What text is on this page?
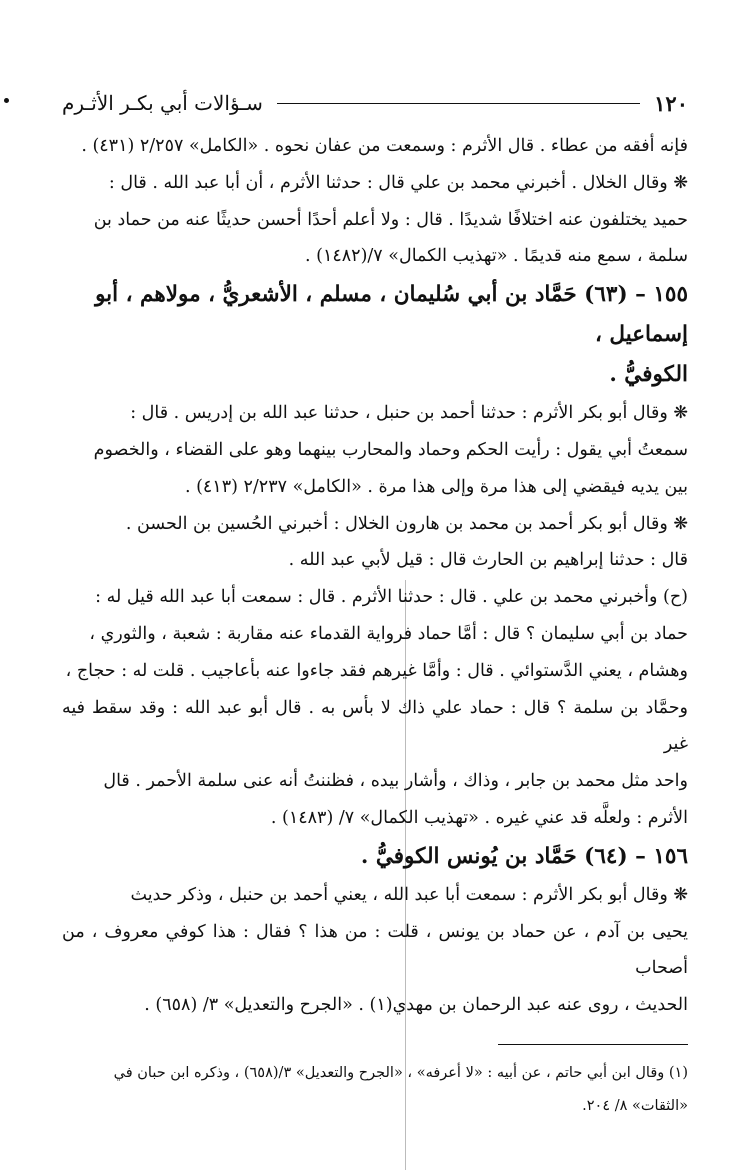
١٢٠
سـؤالات أبي بكـر الأثـرم

فإنه أفقه من عطاء . قال الأثرم : وسمعت من عفان نحوه . «الكامل» ٢/٢٥٧ (٤٣١) .

❋ وقال الخلال . أخبرني محمد بن علي قال : حدثنا الأثرم ، أن أبا عبد الله . قال :

حميد يختلفون عنه اختلافًا شديدًا . قال : ولا أعلم أحدًا أحسن حديثًا عنه من حماد بن

سلمة ، سمع منه قديمًا . «تهذيب الكمال» ٧/(١٤٨٢) .

١٥٥ – (٦٣) حَمَّاد بن أبي سُليمان ، مسلم ، الأشعريُّ ، مولاهم ، أبو إسماعيل ،

الكوفيُّ .

❋ وقال أبو بكر الأثرم : حدثنا أحمد بن حنبل ، حدثنا عبد الله بن إدريس . قال :

سمعتُ أبي يقول : رأيت الحكم وحماد والمحارب بينهما وهو على القضاء ، والخصوم

بين يديه فيقضي إلى هذا مرة وإلى هذا مرة . «الكامل» ٢/٢٣٧ (٤١٣) .

❋ وقال أبو بكر أحمد بن محمد بن هارون الخلال : أخبرني الحُسين بن الحسن .

قال : حدثنا إبراهيم بن الحارث قال : قيل لأبي عبد الله .

(ح) وأخبرني محمد بن علي . قال : حدثنا الأثرم . قال : سمعت أبا عبد الله قيل له :

حماد بن أبي سليمان ؟ قال : أمَّا حماد فرواية القدماء عنه مقاربة : شعبة ، والثوري ،

وهشام ، يعني الدَّستوائي . قال : وأمَّا غيرهم فقد جاءوا عنه بأعاجيب . قلت له : حجاج ،

وحمَّاد بن سلمة ؟ قال : حماد علي ذاك لا بأس به . قال أبو عبد الله : وقد سقط فيه غير

واحد مثل محمد بن جابر ، وذاك ، وأشار بيده ، فظننتُ أنه عنى سلمة الأحمر . قال

الأثرم : ولعلَّه قد عني غيره . «تهذيب الكمال» ٧/ (١٤٨٣) .

١٥٦ – (٦٤) حَمَّاد بن يُونس الكوفيُّ .

❋ وقال أبو بكر الأثرم : سمعت أبا عبد الله ، يعني أحمد بن حنبل ، وذكر حديث

يحيى بن آدم ، عن حماد بن يونس ، قلت : من هذا ؟ فقال : هذا كوفي معروف ، من أصحاب

الحديث ، روى عنه عبد الرحمان بن مهدي(١) . «الجرح والتعديل» ٣/ (٦٥٨) .

(١) وقال ابن أبي حاتم ، عن أبيه : «لا أعرفه» ، «الجرح والتعديل» ٣/(٦٥٨) ، وذكره ابن حبان في

«الثقات» ٨/ ٢٠٤.
